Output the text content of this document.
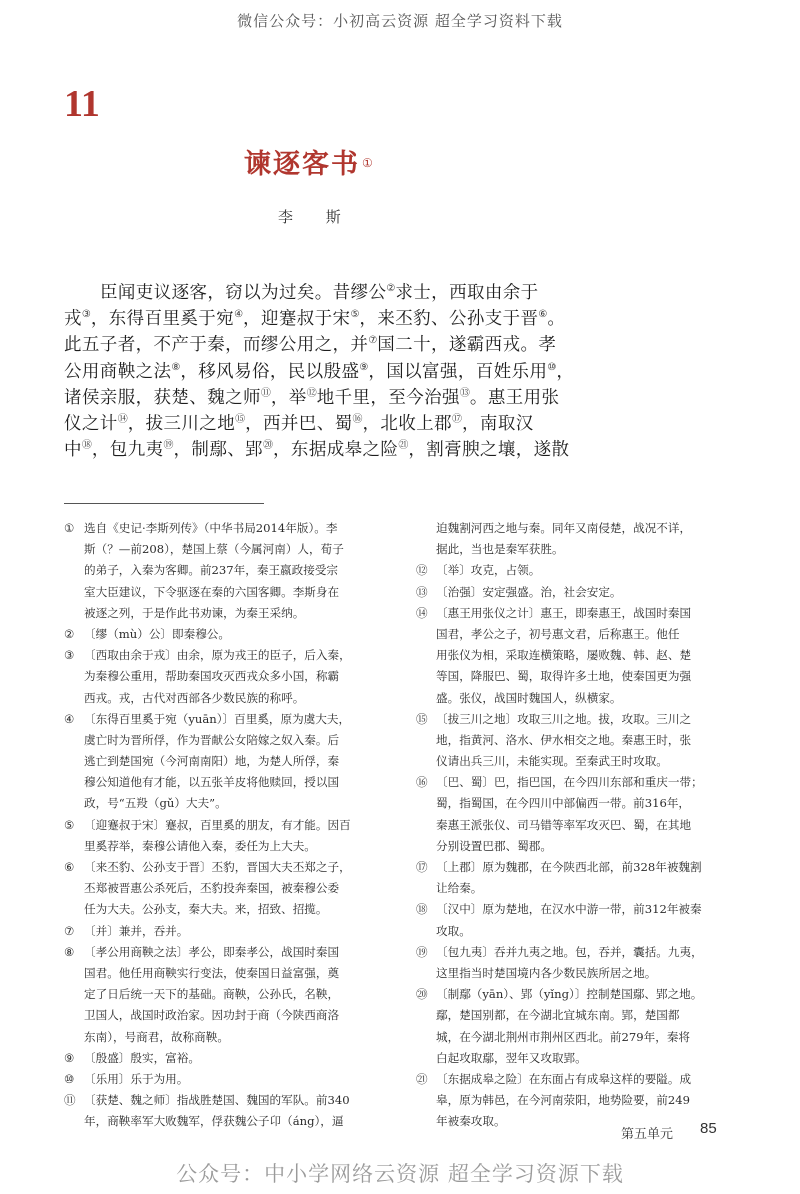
微信公众号：小初高云资源 超全学习资料下载
11
谏逐客书 ①
李 斯
臣闻吏议逐客，窃以为过矣。昔缪公②求士，西取由余于
戎③，东得百里奚于宛④，迎蹇叔于宋⑤，来丕豹、公孙支于晋⑥。
此五子者，不产于秦，而缪公用之，并⑦国二十，遂霸西戎。孝
公用商鞅之法⑧，移风易俗，民以殷盛⑨，国以富强，百姓乐用⑩，
诸侯亲服，获楚、魏之师⑪，举⑫地千里，至今治强⑬。惠王用张
仪之计⑭，拔三川之地⑮，西并巴、蜀⑯，北收上郡⑰，南取汉
中⑱，包九夷⑲，制鄢、郢⑳，东据成皋之险$^㉑$，割膏腴之壤，遂散
① 选自《史记·李斯列传》（中华书局2014年版）。李
斯（？—前208），楚国上蔡（今属河南）人，荀子
的弟子，入秦为客卿。前237年，秦王嬴政接受宗
室大臣建议，下令驱逐在秦的六国客卿。李斯身在
被逐之列，于是作此书劝谏，为秦王采纳。
② 〔缪（mù）公〕即秦穆公。
③ 〔西取由余于戎〕由余，原为戎王的臣子，后入秦，
为秦穆公重用，帮助秦国攻灭西戎众多小国，称霸
西戎。戎，古代对西部各少数民族的称呼。
④ 〔东得百里奚于宛（yuān）〕百里奚，原为虞大夫，
虞亡时为晋所俘，作为晋献公女陪嫁之奴入秦。后
逃亡到楚国宛（今河南南阳）地，为楚人所俘，秦
穆公知道他有才能，以五张羊皮将他赎回，授以国
政，号“五羖（gǔ）大夫”。
⑤ 〔迎蹇叔于宋〕蹇叔，百里奚的朋友，有才能。因百
里奚荐举，秦穆公请他入秦，委任为上大夫。
⑥ 〔来丕豹、公孙支于晋〕丕豹，晋国大夫丕郑之子，
丕郑被晋惠公杀死后，丕豹投奔秦国，被秦穆公委
任为大夫。公孙支，秦大夫。来，招致、招揽。
⑦ 〔并〕兼并，吞并。
⑧ 〔孝公用商鞅之法〕孝公，即秦孝公，战国时秦国
国君。他任用商鞅实行变法，使秦国日益富强，奠
定了日后统一天下的基础。商鞅，公孙氏，名鞅，
卫国人，战国时政治家。因功封于商（今陕西商洛
东南），号商君，故称商鞅。
⑨ 〔殷盛〕殷实，富裕。
⑩ 〔乐用〕乐于为用。
⑪ 〔获楚、魏之师〕指战胜楚国、魏国的军队。前340
年，商鞅率军大败魏军，俘获魏公子卬（áng），逼
迫魏割河西之地与秦。同年又南侵楚，战况不详，
据此，当也是秦军获胜。
⑫ 〔举〕攻克，占领。
⑬ 〔治强〕安定强盛。治，社会安定。
⑭ 〔惠王用张仪之计〕惠王，即秦惠王，战国时秦国
国君，孝公之子，初号惠文君，后称惠王。他任
用张仪为相，采取连横策略，屡败魏、韩、赵、楚
等国，降服巴、蜀，取得许多土地，使秦国更为强
盛。张仪，战国时魏国人，纵横家。
⑮ 〔拔三川之地〕攻取三川之地。拔，攻取。三川之
地，指黄河、洛水、伊水相交之地。秦惠王时，张
仪请出兵三川，未能实现。至秦武王时攻取。
⑯ 〔巴、蜀〕巴，指巴国，在今四川东部和重庆一带；
蜀，指蜀国，在今四川中部偏西一带。前316年，
秦惠王派张仪、司马错等率军攻灭巴、蜀，在其地
分别设置巴郡、蜀郡。
⑰ 〔上郡〕原为魏郡，在今陕西北部，前328年被魏割
让给秦。
⑱ 〔汉中〕原为楚地，在汉水中游一带，前312年被秦
攻取。
⑲ 〔包九夷〕吞并九夷之地。包，吞并，囊括。九夷，
这里指当时楚国境内各少数民族所居之地。
⑳ 〔制鄢（yān）、郢（yǐng）〕控制楚国鄢、郢之地。
鄢，楚国别都，在今湖北宜城东南。郢，楚国都
城，在今湖北荆州市荆州区西北。前279年，秦将
白起攻取鄢，翌年又攻取郢。
㉑ 〔东据成皋之险〕在东面占有成皋这样的要隘。成
皋，原为韩邑，在今河南荥阳，地势险要，前249
年被秦攻取。
第五单元 85
公众号：中小学网络云资源 超全学习资源下载
